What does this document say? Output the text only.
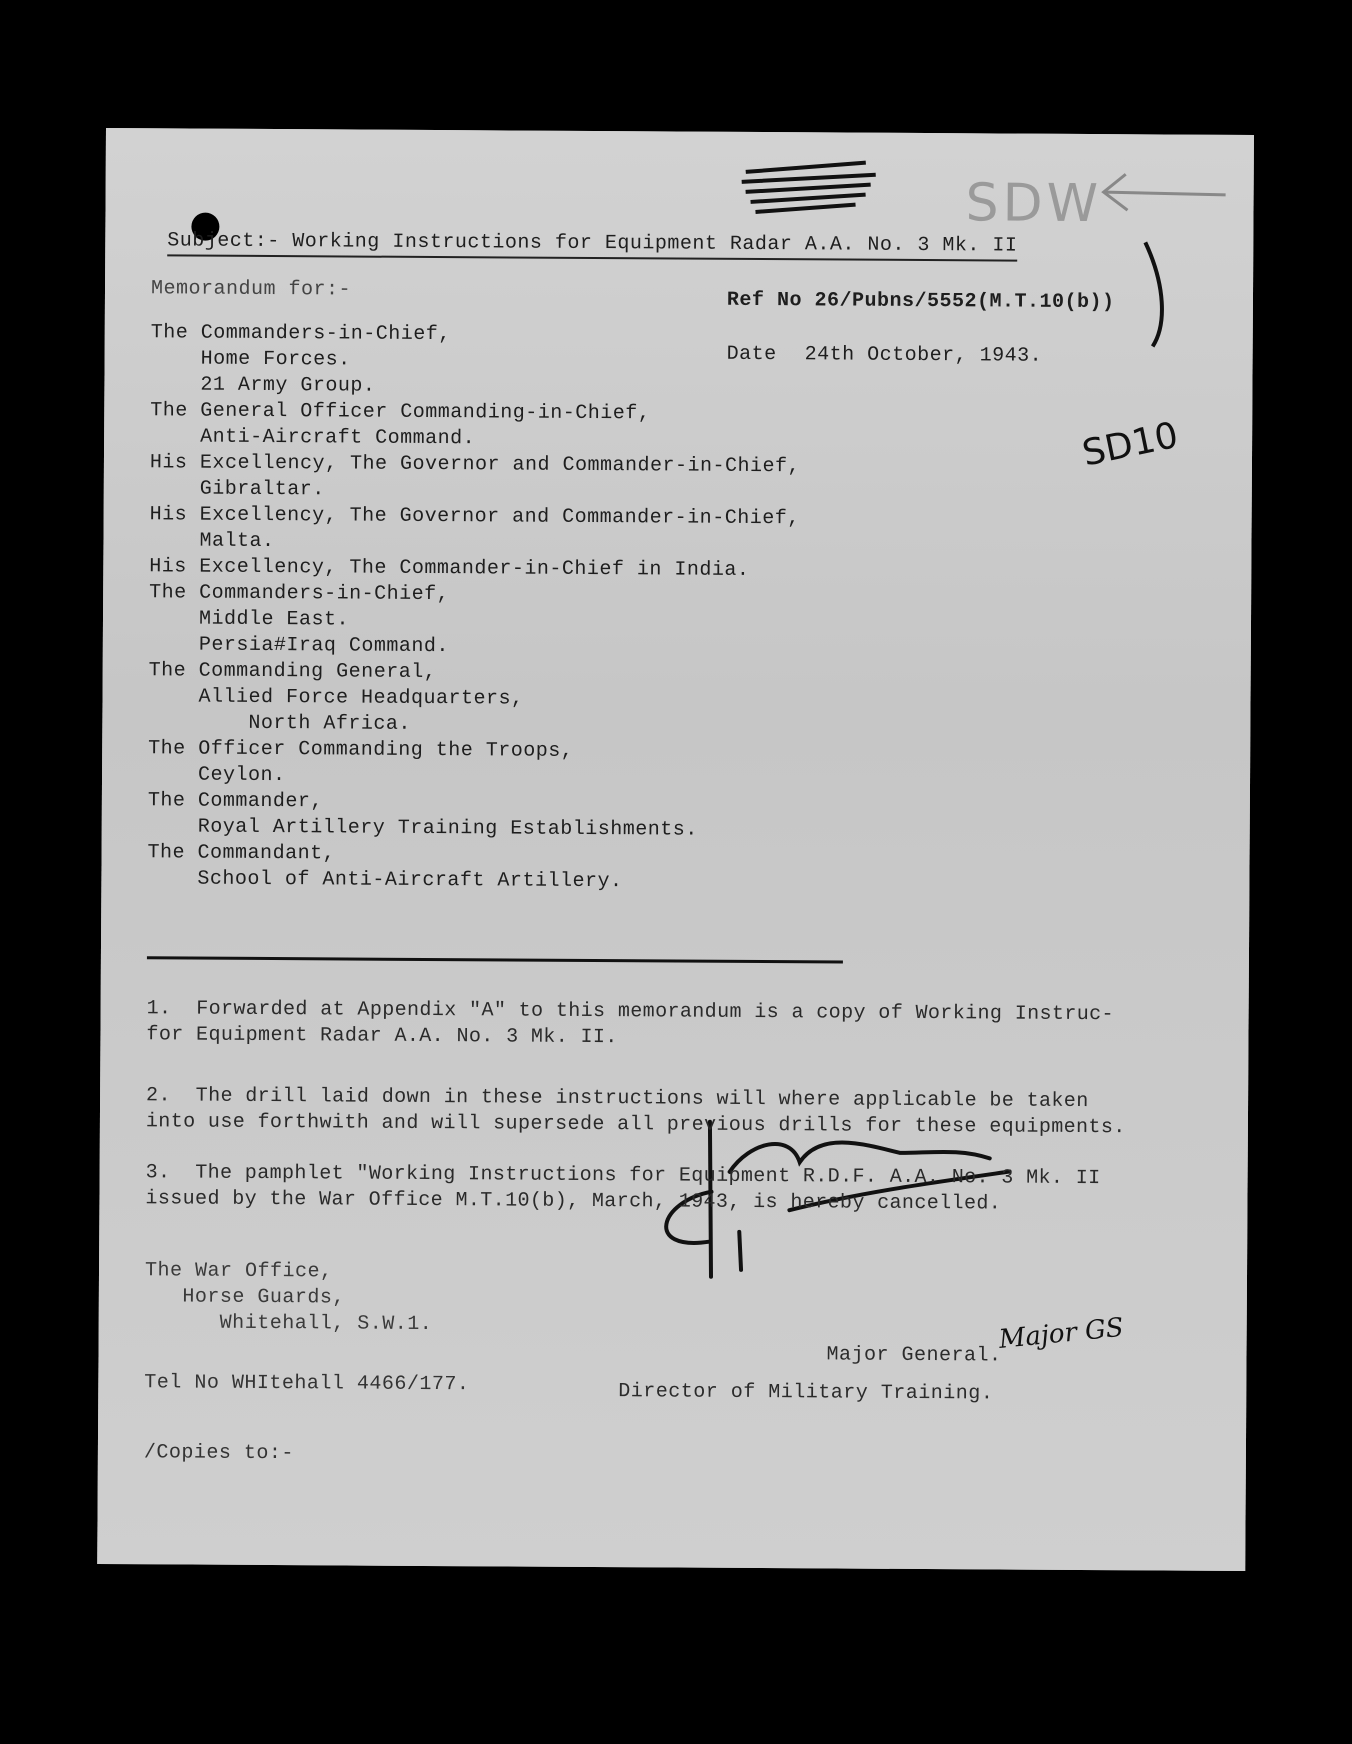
Subject:- Working Instructions for Equipment Radar A.A. No. 3 Mk. II
Memorandum for:-	Ref No 26/Pubns/5552(M.T.10(b))
Date 24th October, 1943.
The Commanders-in-Chief,
Home Forces.
21 Army Group.
The General Officer Commanding-in-Chief,
Anti-Aircraft Command.
His Excellency, The Governor and Commander-in-Chief,
Gibraltar.
His Excellency, The Governor and Commander-in-Chief,
Malta.
His Excellency, The Commander-in-Chief in India.
The Commanders-in-Chief,
Middle East.
Persia#Iraq Command.
The Commanding General,
Allied Force Headquarters,
North Africa.
The Officer Commanding the Troops,
Ceylon.
The Commander,
Royal Artillery Training Establishments.
The Commandant,
School of Anti-Aircraft Artillery.
1.  Forwarded at Appendix "A" to this memorandum is a copy of Working Instruc-
for Equipment Radar A.A. No. 3 Mk. II.
2.  The drill laid down in these instructions will where applicable be taken
into use forthwith and will supersede all previous drills for these equipments.
3.  The pamphlet "Working Instructions for Equipment R.D.F. A.A. No. 3 Mk. II
issued by the War Office M.T.10(b), March, 1943, is hereby cancelled.
The War Office,
Horse Guards,
Whitehall, S.W.1.
Tel No WHItehall 4466/177.
/Copies to:-
Major General.
Director of Military Training.
SDW
SD10
Major GS
